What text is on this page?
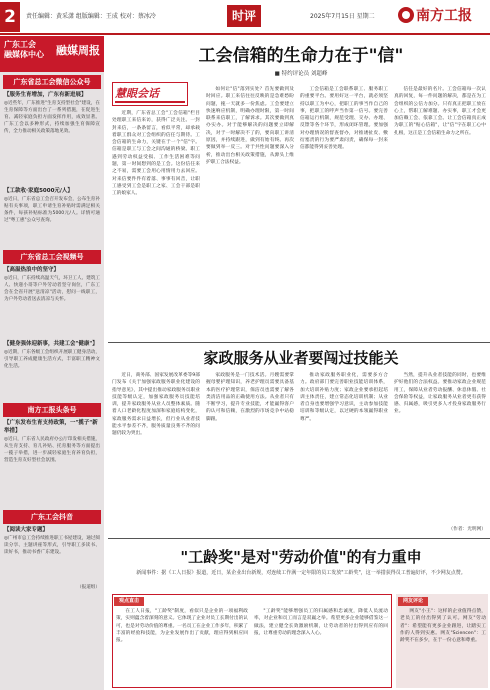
2	责任编辑：黄采潇 组版编辑：王成 校对：蔡冰冷	时评	2025年7月15日 星期二	南方工报
广东工会
融媒体中心	融媒周报
广东省总工会微信公众号
【服务生育增加，广东有新进展】
◎近些年，广东推进"生育支持型社会"建设，在生育保障等方面出台了一系列措施，在促进生育、减轻家庭负担方面发挥作用，成效显著。广东工会以多种形式，持续加强生育保障宣传，全力推动相关政策落地见效。
【工款收·家庭5000元/人】
◎近日，广东省总工会召开发布会，公布生育补贴有关事项，职工申请生育补贴时需满足相关条件，每孩补贴标准为5000元/人。详情可通过"粤工惠"公众号查询。
广东省总工会视频号
【高温热浪中的坚守】
◎近日，广东持续高温天气，环卫工人、建筑工人、快递小哥等户外劳动者坚守岗位，广东工会在全省开展"送清凉"活动，慰问一线职工，为户外劳动者送去清凉与关怀。
【健身强体迎新事，共建工会"健康"】
◎近期，广东各级工会组织开展职工健身活动，引导职工养成健康生活方式，丰富职工精神文化生活。
南方工报头条号
【广东发布生育支持政策，一"揽子"新举措】
◎近日，广东省人民政府办公厅印发相关措施，从生育支持、育儿补贴、托育服务等方面提出一揽子举措，进一步减轻家庭生育养育负担，营造生育友好型社会氛围。
广东工会抖音
【阅读大家专题】
◎广州市总工会持续推进职工书屋建设，通过阅读分享、主题讲座等形式，引导职工多读书、读好书，推动书香广东建设。
（报道组）
工会信箱的生命力在于"信"
■ 特约评论员 刘超峰
慧眼会话

近期，广东省总工会"工会信箱"栏目处理职工来信来访，获得广泛关注。一封封来信，一条条留言，看似平常，却承载着职工群众对工会组织的信任与期待。工会信箱的生命力，关键在于一个"信"字。信箱是职工与工会之间沟通的桥梁。职工遇到劳动权益受损、工作生活困难等问题，第一时间想到的是工会。这份信任来之不易，需要工会用心用情用力去回应。对来信要件件有着落、事事有回音，让职工感受到工会是职工之家、工会干部是职工的娘家人。

如何让"信"落到实处？首先要做到及时回应。职工来信往往反映的是急难愁盼问题，拖一天就多一份焦虑。工会要建立快速响应机制，明确办理时限，第一时间联系来信职工，了解诉求。其次要做到真办实办。对于能够解决的问题要立即解决，对于一时解决不了的，要向职工讲清原因，并持续跟进，做到有始有终。再次要做到举一反三。对于共性问题要深入分析，推动出台相关政策措施，从源头上维护职工合法权益。

工会信箱是工会联系职工、服务职工的重要平台。要用好这一平台，就必须坚持以职工为中心，把职工的事当作自己的事，把职工的呼声当作第一信号。要完善信箱运行机制，规范受理、交办、办理、反馈等各个环节，形成闭环管理。要加强对办理情况的督查督办，对推诿扯皮、敷衍塞责的行为要严肃问责，确保每一封来信都能得到妥善处理。

信任是最好的名片。工会信箱每一次认真的回复，每一件问题的解决，都是在为工会组织的公信力加分。只有真正把职工放在心上，帮职工解难题、办实事，职工才会更加信赖工会、依靠工会。让工会信箱真正成为职工的"贴心信箱"，让"信"字在职工心中扎根，这正是工会信箱生命力之所在。

家政服务从业者要闯过技能关

近日，商务部、国家发展改革委等9部门发布《关于加强家政服务职业化建设的指导意见》，其中提出推动家政服务员职业技能等级认定，加强家政服务员技能培训，提升家政服务从业人员整体素质。随着人口老龄化程度加深和家庭结构变化，家政服务需求日益增长，但行业从业者技能水平参差不齐，服务质量良莠不齐的问题仍较为突出。

家政服务是一门技术活。月嫂需要掌握母婴护理知识，养老护理员需要具备基本的医疗护理常识，保洁员也需要了解各类清洁用品的正确使用方法。从业者只有不断学习，提升专业技能，才能赢得客户的认可和信赖，在激烈的市场竞争中站稳脚跟。

推动家政服务职业化，需要多方合力。政府部门要完善职业技能培训体系，加大培训补贴力度；家政企业要承担起培训主体责任，建立常态化培训机制；从业者自身也要增强学习意识，主动参加技能培训和等级认定，以过硬的本领赢得职业尊严。

当然，提升从业者技能的同时，也要维护好他们的合法权益。要推动家政企业规范用工，保障从业者劳动报酬、休息休假、社会保险等权益，让家政服务从业者更有获得感、归属感，吸引更多人才投身家政服务行业。

（作者：光明网）
"工龄奖"是对"劳动价值"的有力重申
新闻事件：据《工人日报》报道，近日，某企业出台新规，对连续工作满一定年限的员工发放"工龄奖"，这一举措获得员工普遍好评，不少网友点赞。
观点直击

在工人日报，"工龄奖"制度，看似只是企业的一项福利政策，实则蕴含着深刻的意义。它体现了企业对员工长期付出的认可，也是对劳动价值的尊重。一名员工在企业工作多年，积累了丰富的经验和技能，为企业发展作出了贡献，理应得到相应回报。

"工龄奖"能够增强员工的归属感和忠诚度，降低人员流动率，对企业和员工而言是双赢之举。希望更多企业能够借鉴这一做法，建立健全长效激励机制，让劳动者的付出得到应有的回报，让尊重劳动的理念深入人心。

网友评论

网友"小王"：这样的企业值得点赞，老员工的付出得到了认可。网友"劳动者"：希望能有更多企业跟进，让踏实工作的人得到实惠。网友"Sciencen"：工龄奖不在多少，在于一份心意和尊重。
